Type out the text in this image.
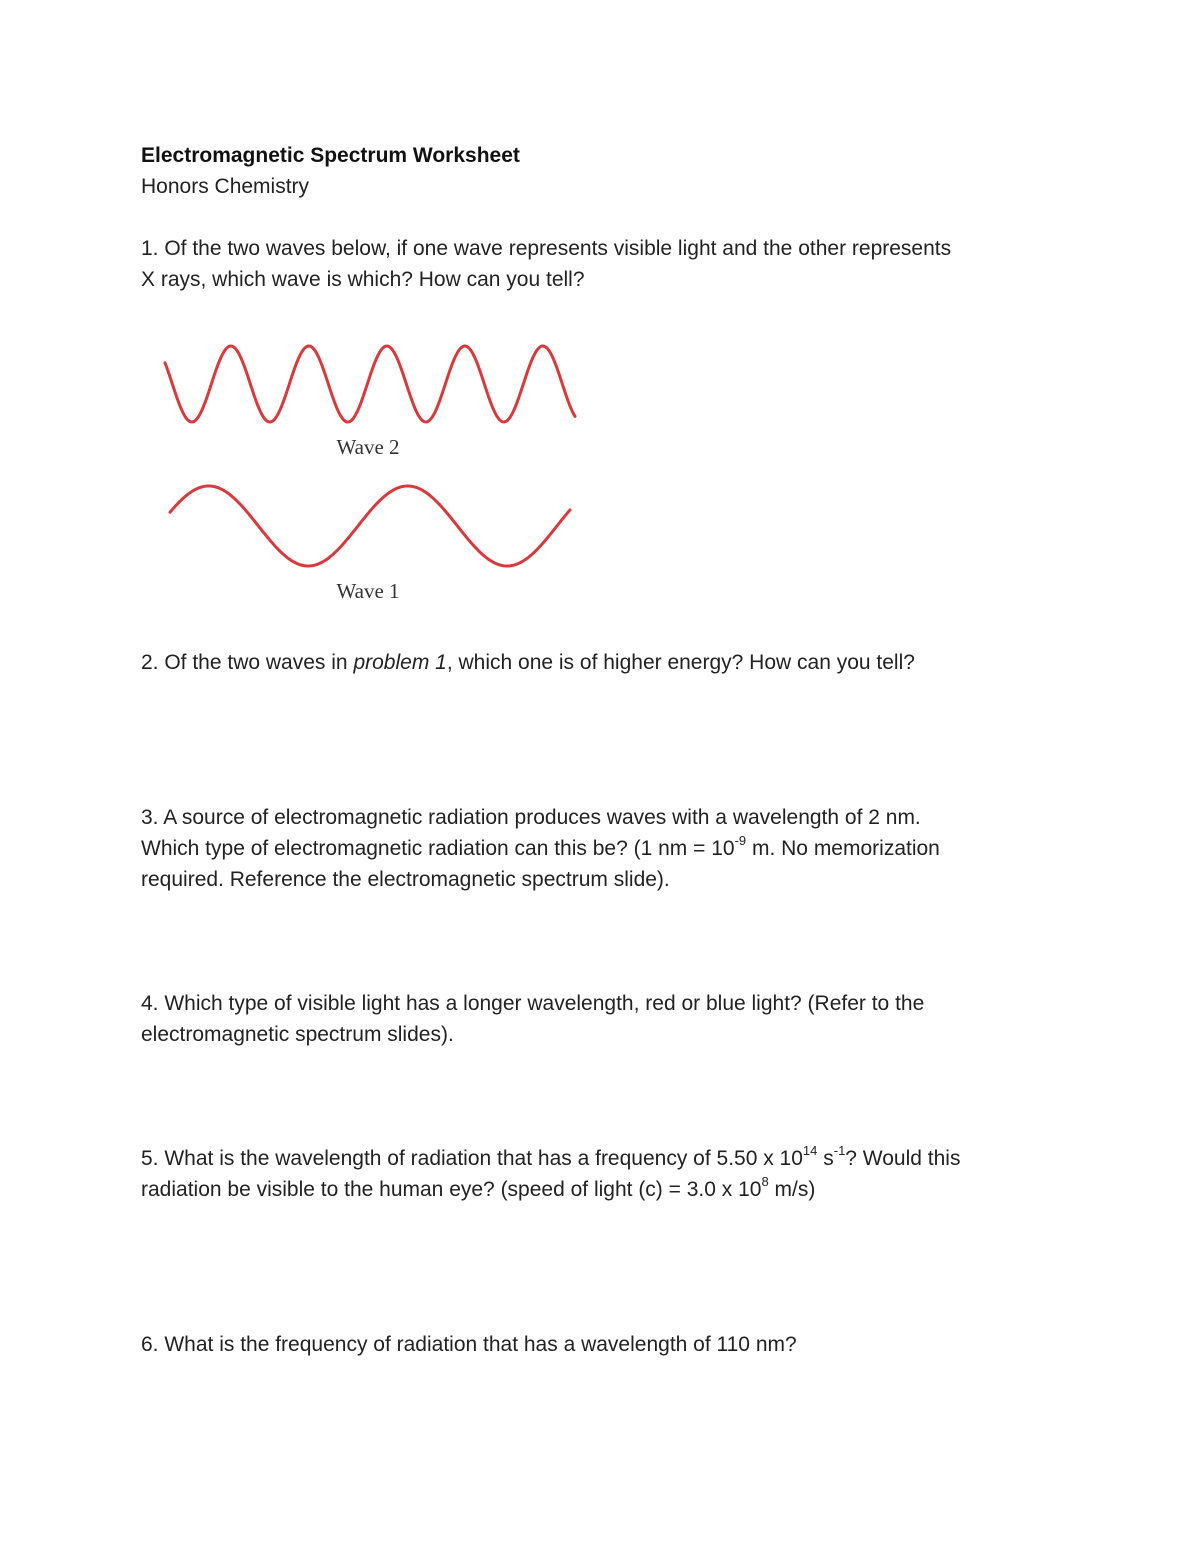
Electromagnetic Spectrum Worksheet
Honors Chemistry
1. Of the two waves below, if one wave represents visible light and the other represents
X rays, which wave is which? How can you tell?
Wave 2
Wave 1
2. Of the two waves in problem 1, which one is of higher energy? How can you tell?
3. A source of electromagnetic radiation produces waves with a wavelength of 2 nm.
Which type of electromagnetic radiation can this be? (1 nm = $10^{-9}$ m. No memorization
required. Reference the electromagnetic spectrum slide).
4. Which type of visible light has a longer wavelength, red or blue light? (Refer to the
electromagnetic spectrum slides).
5. What is the wavelength of radiation that has a frequency of 5.50 x $10^{14}$ $s^{-1}$? Would this
radiation be visible to the human eye? (speed of light (c) = 3.0 x $10^8$ m/s)
6. What is the frequency of radiation that has a wavelength of 110 nm?
